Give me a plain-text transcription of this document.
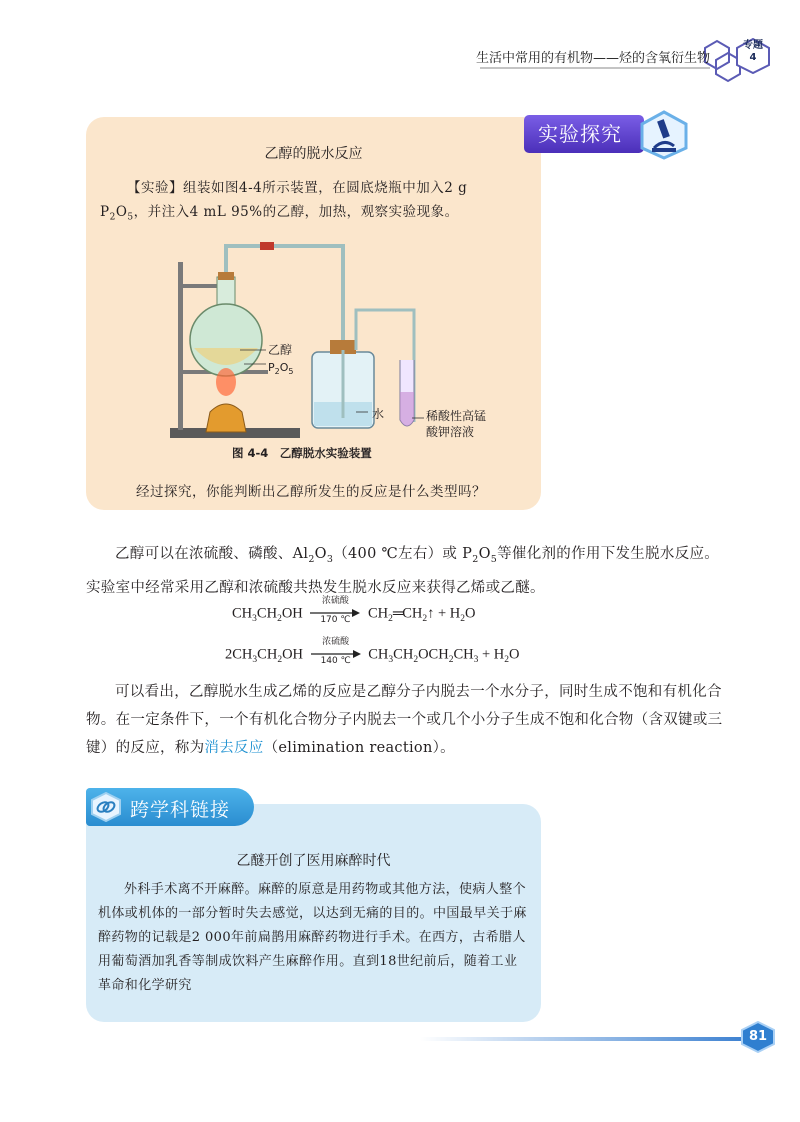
生活中常用的有机物——烃的含氧衍生物
专题
4
实验探究
乙醇的脱水反应
【实验】组装如图4-4所示装置，在圆底烧瓶中加入2 g
$P_2O_5$，并注入4 mL 95%的乙醇，加热，观察实验现象。
乙醇
$P_2O_5$
水	稀酸性高锰
酸钾溶液
图 4-4　乙醇脱水实验装置
经过探究，你能判断出乙醇所发生的反应是什么类型吗？
乙醇可以在浓硫酸、磷酸、$Al_2O_3(400$ ℃左右）或 $P_2O_5$等催化剂的作用下发生脱水反应。实验室中经常采用乙醇和浓硫酸共热发生脱水反应来获得乙烯或乙醚。
$CH_3CH_2OH$
浓硫酸
170 ℃	$CH_2═CH_2↑ + H_2O$
$2CH_3CH_2OH$
浓硫酸
140 ℃	$CH_3CH_2OCH_2CH_3 + H_2O$
可以看出，乙醇脱水生成乙烯的反应是乙醇分子内脱去一个水分子，同时生成不饱和有机化合物。在一定条件下，一个有机化合物分子内脱去一个或几个小分子生成不饱和化合物（含双键或三键）的反应，称为消去反应（elimination reaction）。
跨学科链接
乙醚开创了医用麻醉时代
外科手术离不开麻醉。麻醉的原意是用药物或其他方法，使病人整个机体或机体的一部分暂时失去感觉，以达到无痛的目的。中国最早关于麻醉药物的记载是2 000年前扁鹊用麻醉药物进行手术。在西方，古希腊人用葡萄酒加乳香等制成饮料产生麻醉作用。直到18世纪前后，随着工业革命和化学研究
81
